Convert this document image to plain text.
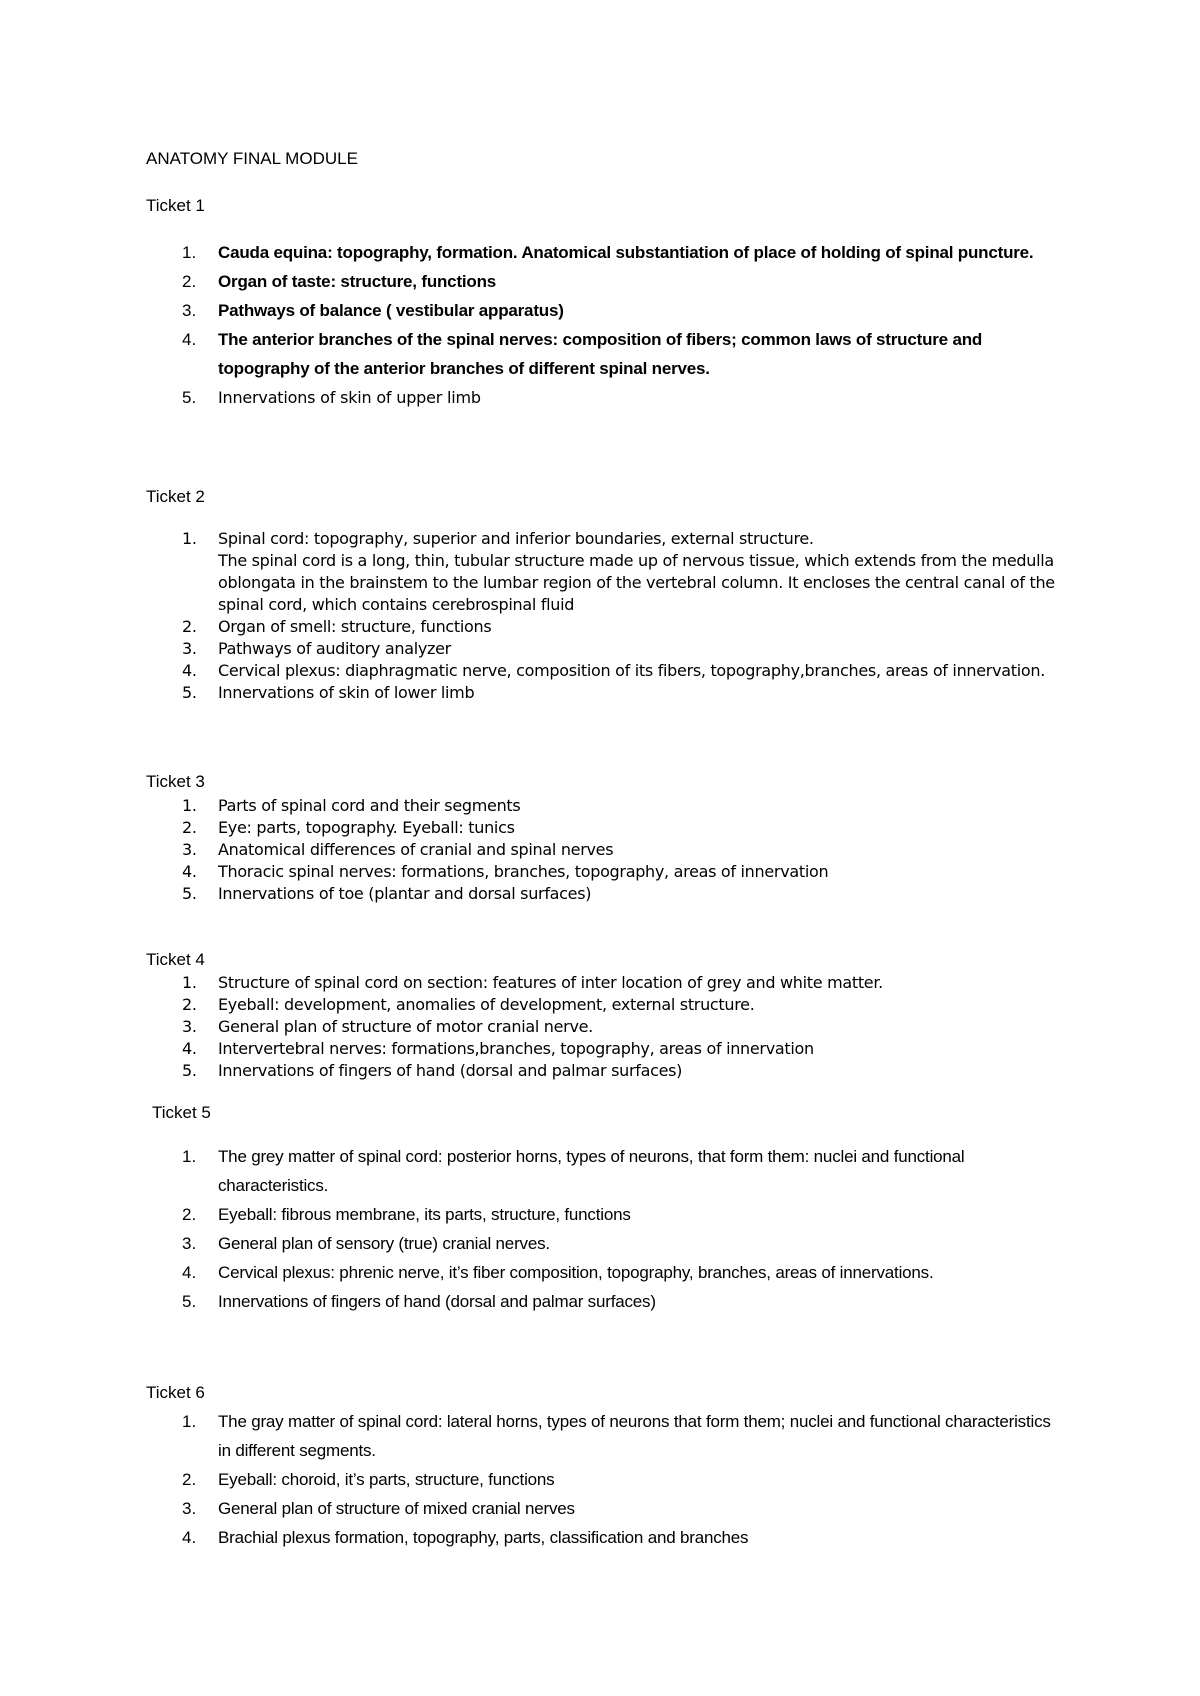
ANATOMY FINAL MODULE
Ticket 1
1. Cauda equina: topography, formation. Anatomical substantiation of place of holding of spinal puncture.
2. Organ of taste: structure, functions
3. Pathways of balance ( vestibular apparatus)
4. The anterior branches of the spinal nerves: composition of fibers; common laws of structure and topography of the anterior branches of different spinal nerves.
5. Innervations of skin of upper limb
Ticket 2
1. Spinal cord: topography, superior and inferior boundaries, external structure.
The spinal cord is a long, thin, tubular structure made up of nervous tissue, which extends from the medulla oblongata in the brainstem to the lumbar region of the vertebral column. It encloses the central canal of the spinal cord, which contains cerebrospinal fluid
2. Organ of smell: structure, functions
3. Pathways of auditory analyzer
4. Cervical plexus: diaphragmatic nerve, composition of its fibers, topography,branches, areas of innervation.
5. Innervations of skin of lower limb
Ticket 3
1. Parts of spinal cord and their segments
2. Eye: parts, topography. Eyeball: tunics
3. Anatomical differences of cranial and spinal nerves
4. Thoracic spinal nerves: formations, branches, topography, areas of innervation
5. Innervations of toe (plantar and dorsal surfaces)
Ticket 4
1. Structure of spinal cord on section: features of inter location of grey and white matter.
2. Eyeball: development, anomalies of development, external structure.
3. General plan of structure of motor cranial nerve.
4. Intervertebral nerves: formations,branches, topography, areas of innervation
5. Innervations of fingers of hand (dorsal and palmar surfaces)
Ticket 5
1. The grey matter of spinal cord: posterior horns, types of neurons, that form them: nuclei and functional characteristics.
2. Eyeball: fibrous membrane, its parts, structure, functions
3. General plan of sensory (true) cranial nerves.
4. Cervical plexus: phrenic nerve, it’s fiber composition, topography, branches, areas of innervations.
5. Innervations of fingers of hand (dorsal and palmar surfaces)
Ticket 6
1. The gray matter of spinal cord: lateral horns, types of neurons that form them; nuclei and functional characteristics in different segments.
2. Eyeball: choroid, it’s parts, structure, functions
3. General plan of structure of mixed cranial nerves
4. Brachial plexus formation, topography, parts, classification and branches
